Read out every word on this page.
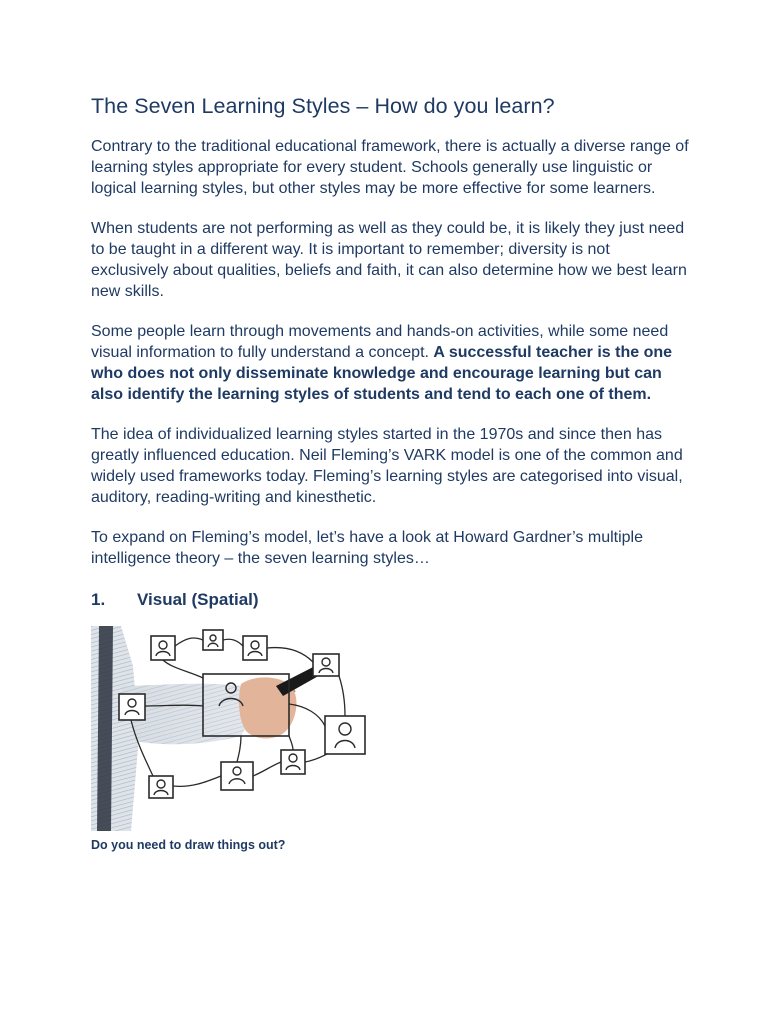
The Seven Learning Styles – How do you learn?

Contrary to the traditional educational framework, there is actually a diverse range of learning styles appropriate for every student. Schools generally use linguistic or logical learning styles, but other styles may be more effective for some learners.

When students are not performing as well as they could be, it is likely they just need to be taught in a different way. It is important to remember; diversity is not exclusively about qualities, beliefs and faith, it can also determine how we best learn new skills.

Some people learn through movements and hands-on activities, while some need visual information to fully understand a concept. A successful teacher is the one who does not only disseminate knowledge and encourage learning but can also identify the learning styles of students and tend to each one of them.

The idea of individualized learning styles started in the 1970s and since then has greatly influenced education. Neil Fleming’s VARK model is one of the common and widely used frameworks today. Fleming’s learning styles are categorised into visual, auditory, reading-writing and kinesthetic.

To expand on Fleming’s model, let’s have a look at Howard Gardner’s multiple intelligence theory – the seven learning styles…

1.	Visual (Spatial)

Do you need to draw things out?
